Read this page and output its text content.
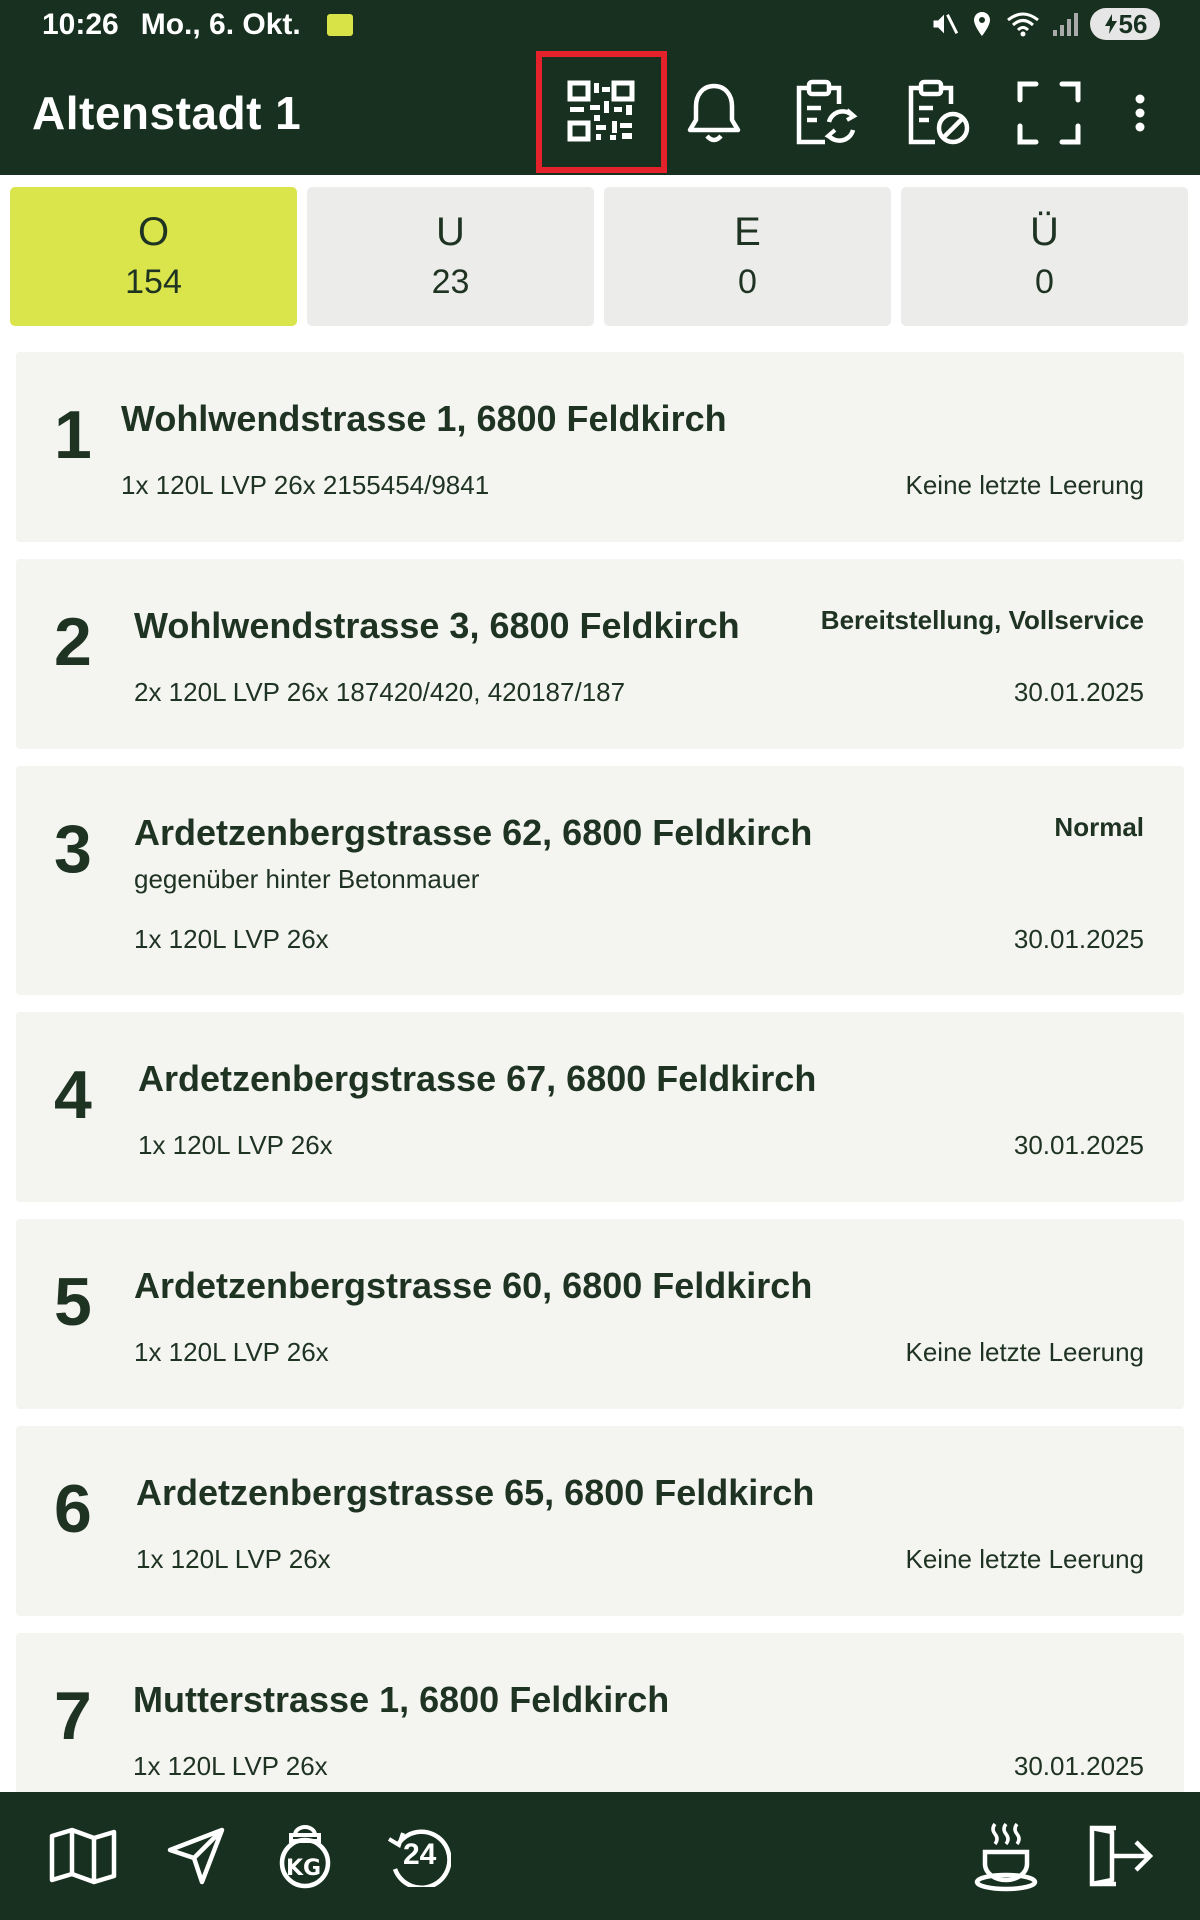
10:26 Mo., 6. Okt.	56
Altenstadt 1
O
154
U
23
E
0
Ü
0
1 Wohlwendstrasse 1, 6800 Feldkirch
1x 120L LVP 26x 2155454/9841	Keine letzte Leerung
2 Wohlwendstrasse 3, 6800 Feldkirch	Bereitstellung, Vollservice
2x 120L LVP 26x 187420/420, 420187/187	30.01.2025
3 Ardetzenbergstrasse 62, 6800 Feldkirch	Normal
gegenüber hinter Betonmauer
1x 120L LVP 26x	30.01.2025
4 Ardetzenbergstrasse 67, 6800 Feldkirch
1x 120L LVP 26x	30.01.2025
5 Ardetzenbergstrasse 60, 6800 Feldkirch
1x 120L LVP 26x	Keine letzte Leerung
6 Ardetzenbergstrasse 65, 6800 Feldkirch
1x 120L LVP 26x	Keine letzte Leerung
7 Mutterstrasse 1, 6800 Feldkirch
1x 120L LVP 26x	30.01.2025
KG	24
